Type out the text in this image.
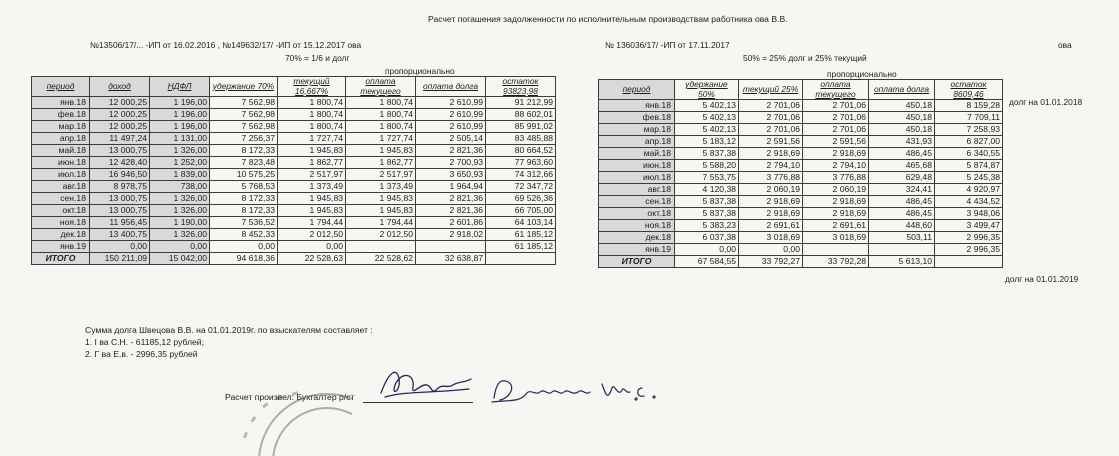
Расчет погашения задолженности по исполнительным производствам работника ова В.В.
№13506/17/... -ИП от 16.02.2016 , №149632/17/ -ИП от 15.12.2017 ова
70% = 1/6 и долг
пропорционально
№ 136036/17/ -ИП от 17.11.2017	ова
50% = 25% долг и 25% текущий
пропорционально
период	доход	НДФЛ	удержание 70%	текущий 16,667%	оплата текущего	оплата долга	остаток 93823,98
янв.18	12 000,25	1 196,00	7 562,98	1 800,74	1 800,74	2 610,99	91 212,99
фев.18	12 000,25	1 196,00	7 562,98	1 800,74	1 800,74	2 610,99	88 602,01
мар.18	12 000,25	1 196,00	7 562,98	1 800,74	1 800,74	2 610,99	85 991,02
апр.18	11 497,24	1 131,00	7 256,37	1 727,74	1 727,74	2 505,14	83 485,88
май.18	13 000,75	1 326,00	8 172,33	1 945,83	1 945,83	2 821,36	80 664,52
июн.18	12 428,40	1 252,00	7 823,48	1 862,77	1 862,77	2 700,93	77 963,60
июл.18	16 946,50	1 839,00	10 575,25	2 517,97	2 517,97	3 650,93	74 312,66
авг.18	8 978,75	738,00	5 768,53	1 373,49	1 373,49	1 964,94	72 347,72
сен.18	13 000,75	1 326,00	8 172,33	1 945,83	1 945,83	2 821,36	69 526,36
окт.18	13 000,75	1 326,00	8 172,33	1 945,83	1 945,83	2 821,36	66 705,00
ноя.18	11 956,45	1 190,00	7 536,52	1 794,44	1 794,44	2 601,86	64 103,14
дек.18	13 400,75	1 326,00	8 452,33	2 012,50	2 012,50	2 918,02	61 185,12
янв.19	0,00	0,00	0,00	0,00			61 185,12
ИТОГО	150 211,09	15 042,00	94 618,36	22 528,63	22 528,62	32 638,87	
период	удержание 50%	текущий 25%	оплата текущего	оплата долга	остаток 8609,46
янв.18	5 402,13	2 701,06	2 701,06	450,18	8 159,28
фев.18	5 402,13	2 701,06	2 701,06	450,18	7 709,11
мар.18	5 402,13	2 701,06	2 701,06	450,18	7 258,93
апр.18	5 183,12	2 591,56	2 591,56	431,93	6 827,00
май.18	5 837,38	2 918,69	2 918,69	486,45	6 340,55
июн.18	5 588,20	2 794,10	2 794,10	465,68	5 874,87
июл.18	7 553,75	3 776,88	3 776,88	629,48	5 245,38
авг.18	4 120,38	2 060,19	2 060,19	324,41	4 920,97
сен.18	5 837,38	2 918,69	2 918,69	486,45	4 434,52
окт.18	5 837,38	2 918,69	2 918,69	486,45	3 948,06
ноя.18	5 383,23	2 691,61	2 691,61	448,60	3 499,47
дек.18	6 037,38	3 018,69	3 018,69	503,11	2 996,35
янв.19	0,00	0,00			2 996,35
ИТОГО	67 584,55	33 792,27	33 792,28	5 613,10	
долг на 01.01.2018
долг на 01.01.2019
Сумма долга Швецова В.В. на 01.01.2019г. по взыскателям составляет :
1. I ва С.Н. - 61185,12 рублей;
2. Г ва Е.в. - 2996,35 рублей
Расчет произвел: Бухгалтер р/ст
